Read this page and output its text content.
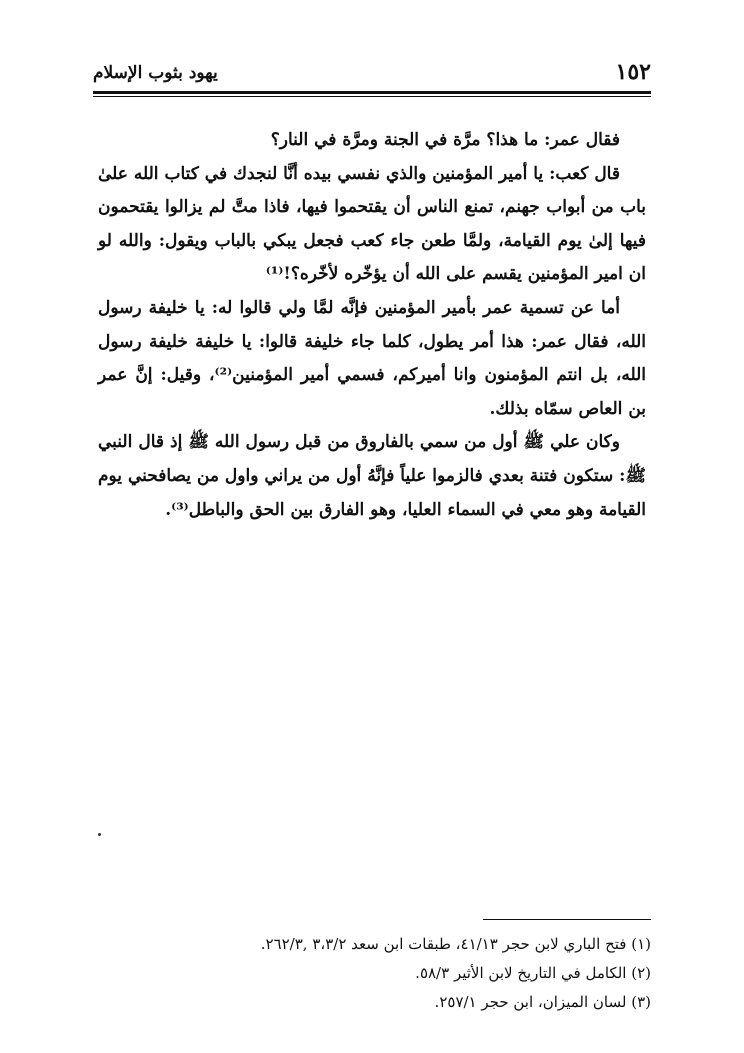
١٥٢
يهود بثوب الإسلام

فقال عمر: ما هذا؟ مرَّة في الجنة ومرَّة في النار؟

قال كعب: يا أمير المؤمنين والذي نفسي بيده أنَّا لنجدك في كتاب الله علىٰ باب من أبواب جهنم، تمنع الناس أن يقتحموا فيها، فاذا متَّ لم يزالوا يقتحمون فيها إلىٰ يوم القيامة، ولمَّا طعن جاء كعب فجعل يبكي بالباب ويقول: والله لو ان امير المؤمنين يقسم على الله أن يؤخّره لأخّره؟!⁽¹⁾

أما عن تسمية عمر بأمير المؤمنين فإنَّه لمَّا ولي قالوا له: يا خليفة رسول الله، فقال عمر: هذا أمر يطول، كلما جاء خليفة قالوا: يا خليفة خليفة رسول الله، بل انتم المؤمنون وانا أميركم، فسمي أمير المؤمنين⁽²⁾، وقيل: إنَّ عمر بن العاص سمّاه بذلك.

وكان علي ﷺ أول من سمي بالفاروق من قبل رسول الله ﷺ إذ قال النبي ﷺ: ستكون فتنة بعدي فالزموا علياً فإنَّهُ أول من يراني واول من يصافحني يوم القيامة وهو معي في السماء العليا، وهو الفارق بين الحق والباطل⁽³⁾.

(١) فتح الباري لابن حجر ٤١/١٣، طبقات ابن سعد ٣،٣/٢ ,٢٦٢/٣.

(٢) الكامل في التاريخ لابن الأثير ٥٨/٣.

(٣) لسان الميزان، ابن حجر ٢٥٧/١.
